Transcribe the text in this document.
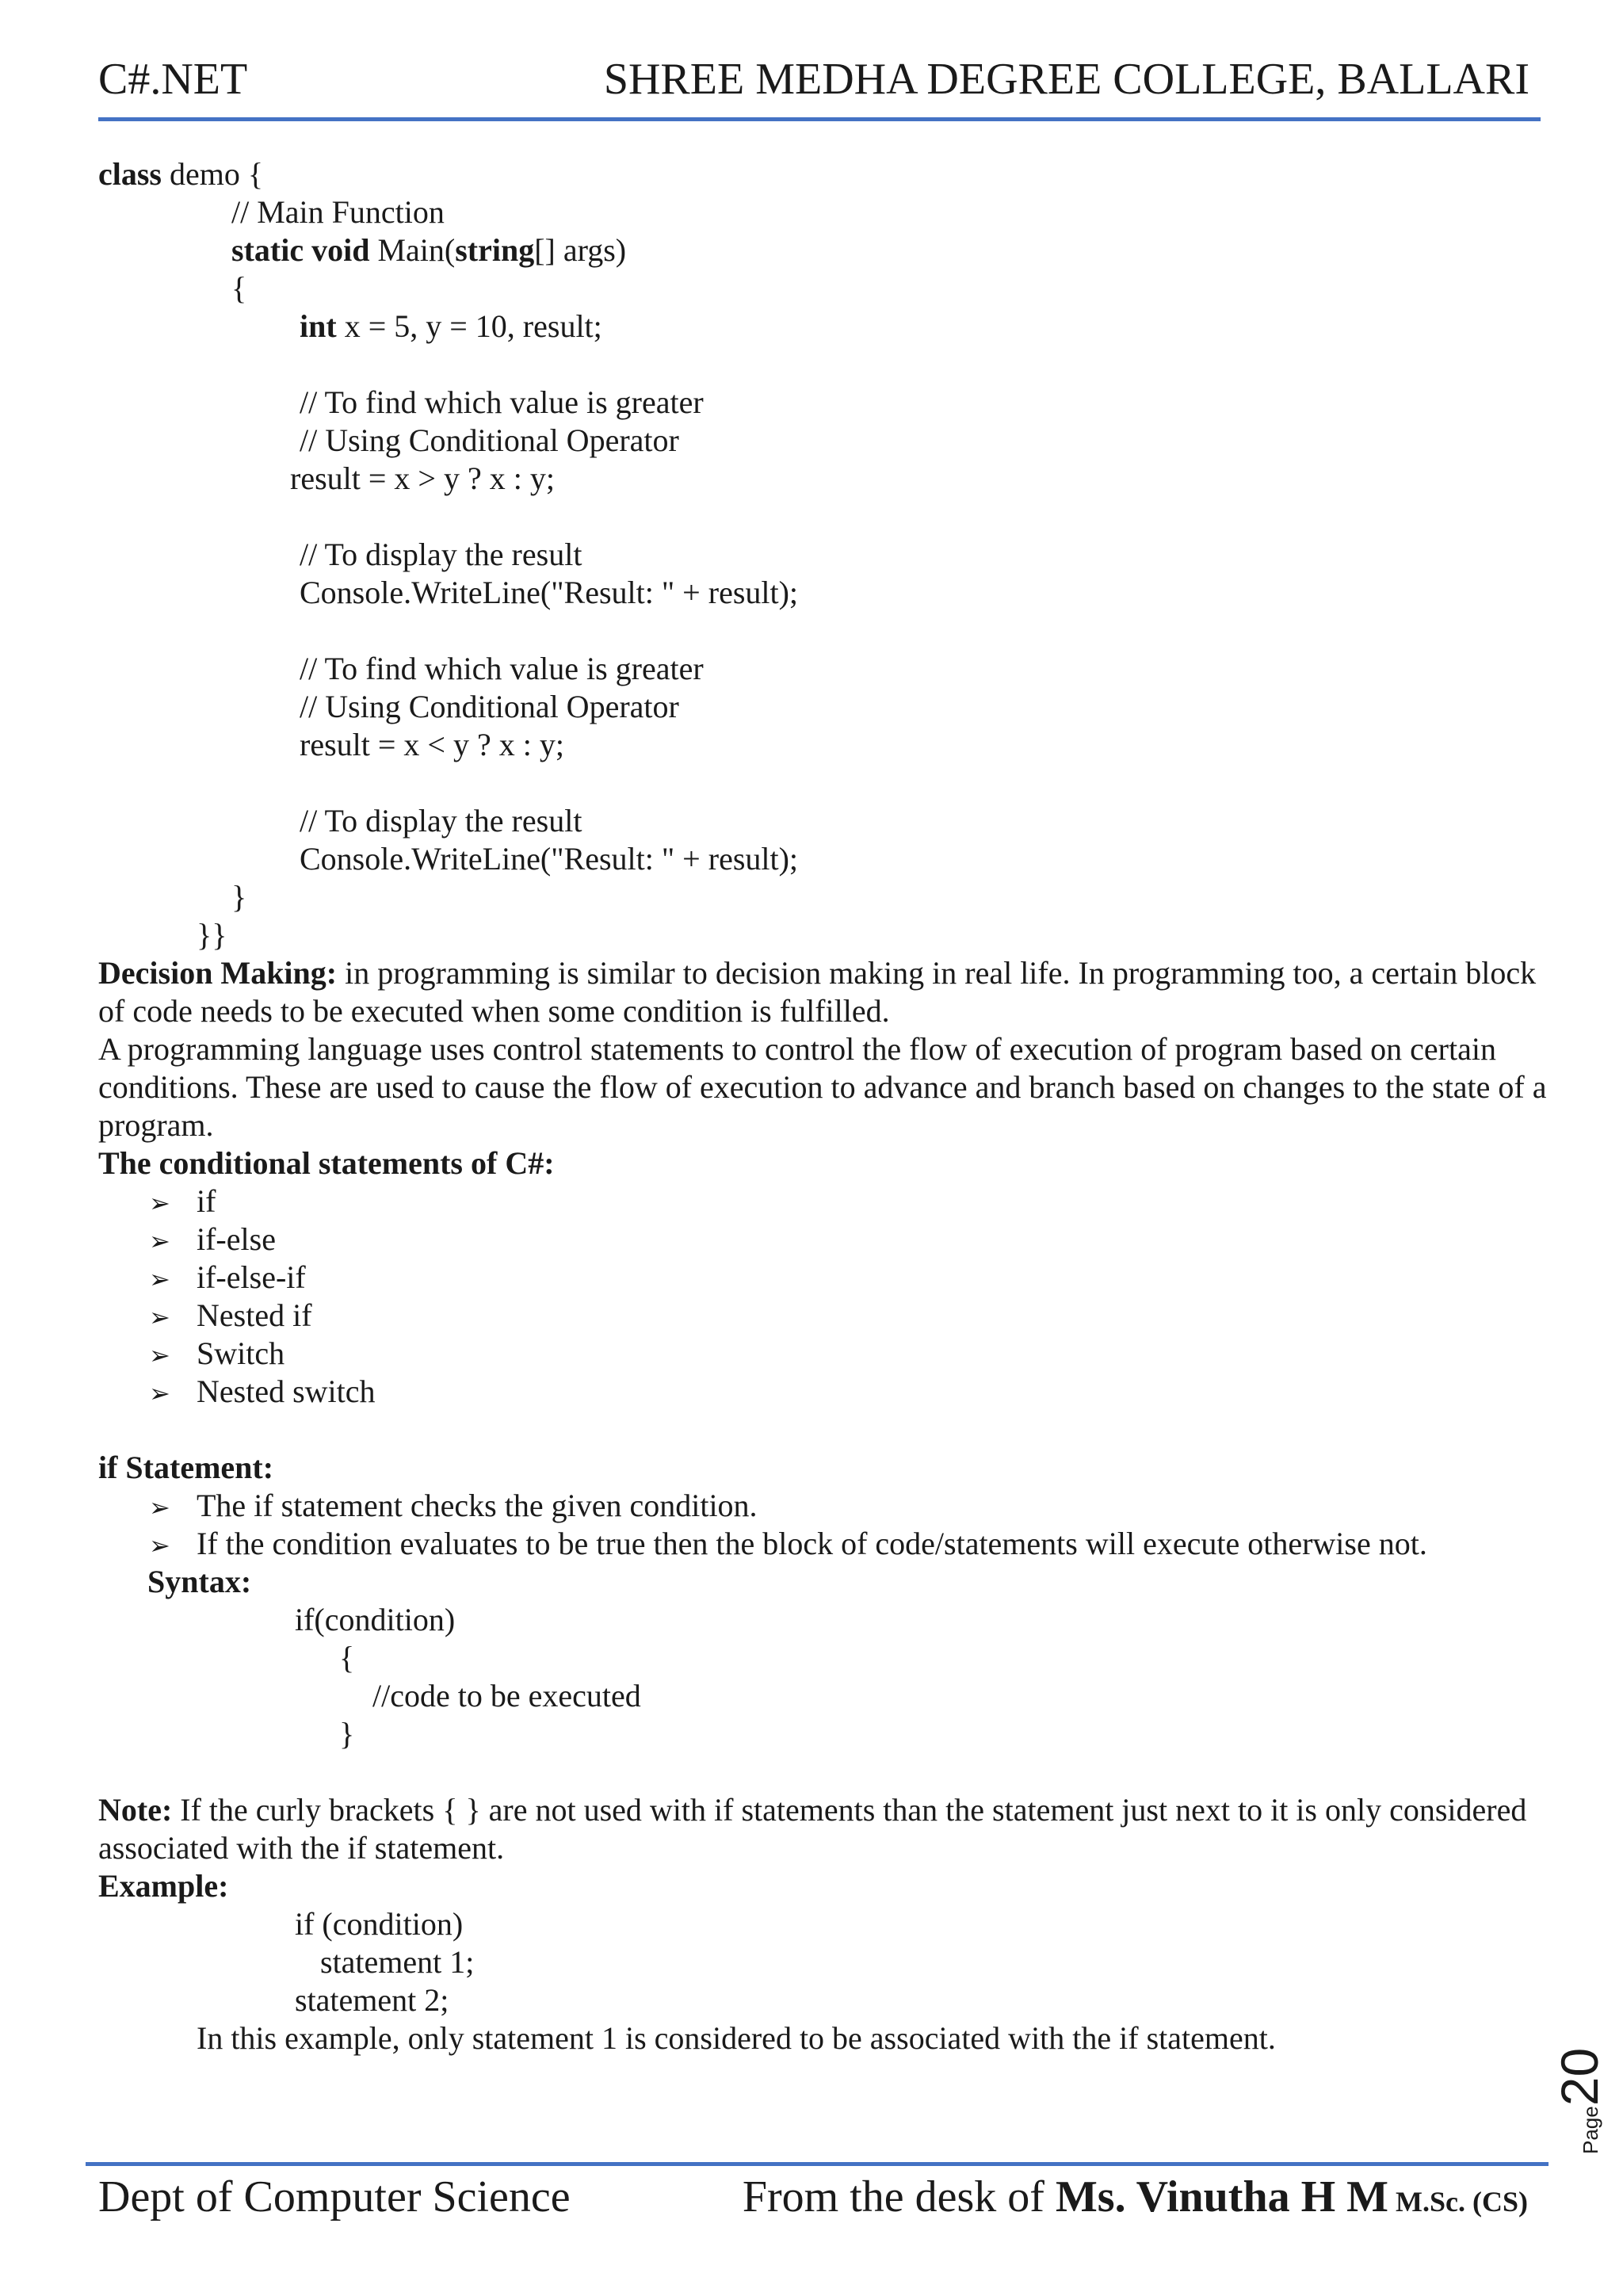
C#.NET	SHREE MEDHA DEGREE COLLEGE, BALLARI
class demo {
// Main Function
static void Main(string[] args)
{
int x = 5, y = 10, result;
// To find which value is greater
// Using Conditional Operator
result = x > y ? x : y;
// To display the result
Console.WriteLine("Result: " + result);
// To find which value is greater
// Using Conditional Operator
result = x < y ? x : y;
// To display the result
Console.WriteLine("Result: " + result);
}
}}
Decision Making: in programming is similar to decision making in real life. In programming too, a certain block of code needs to be executed when some condition is fulfilled.
A programming language uses control statements to control the flow of execution of program based on certain conditions. These are used to cause the flow of execution to advance and branch based on changes to the state of a program.
The conditional statements of C#:
➢ if
➢ if-else
➢ if-else-if
➢ Nested if
➢ Switch
➢ Nested switch
if Statement:
➢ The if statement checks the given condition.
➢ If the condition evaluates to be true then the block of code/statements will execute otherwise not.
Syntax:
if(condition)
{
//code to be executed
}
Note: If the curly brackets { } are not used with if statements than the statement just next to it is only considered associated with the if statement.
Example:
if (condition)
statement 1;
statement 2;
In this example, only statement 1 is considered to be associated with the if statement.
Page20
Dept of Computer Science	From the desk of Ms. Vinutha H M M.Sc. (CS)
